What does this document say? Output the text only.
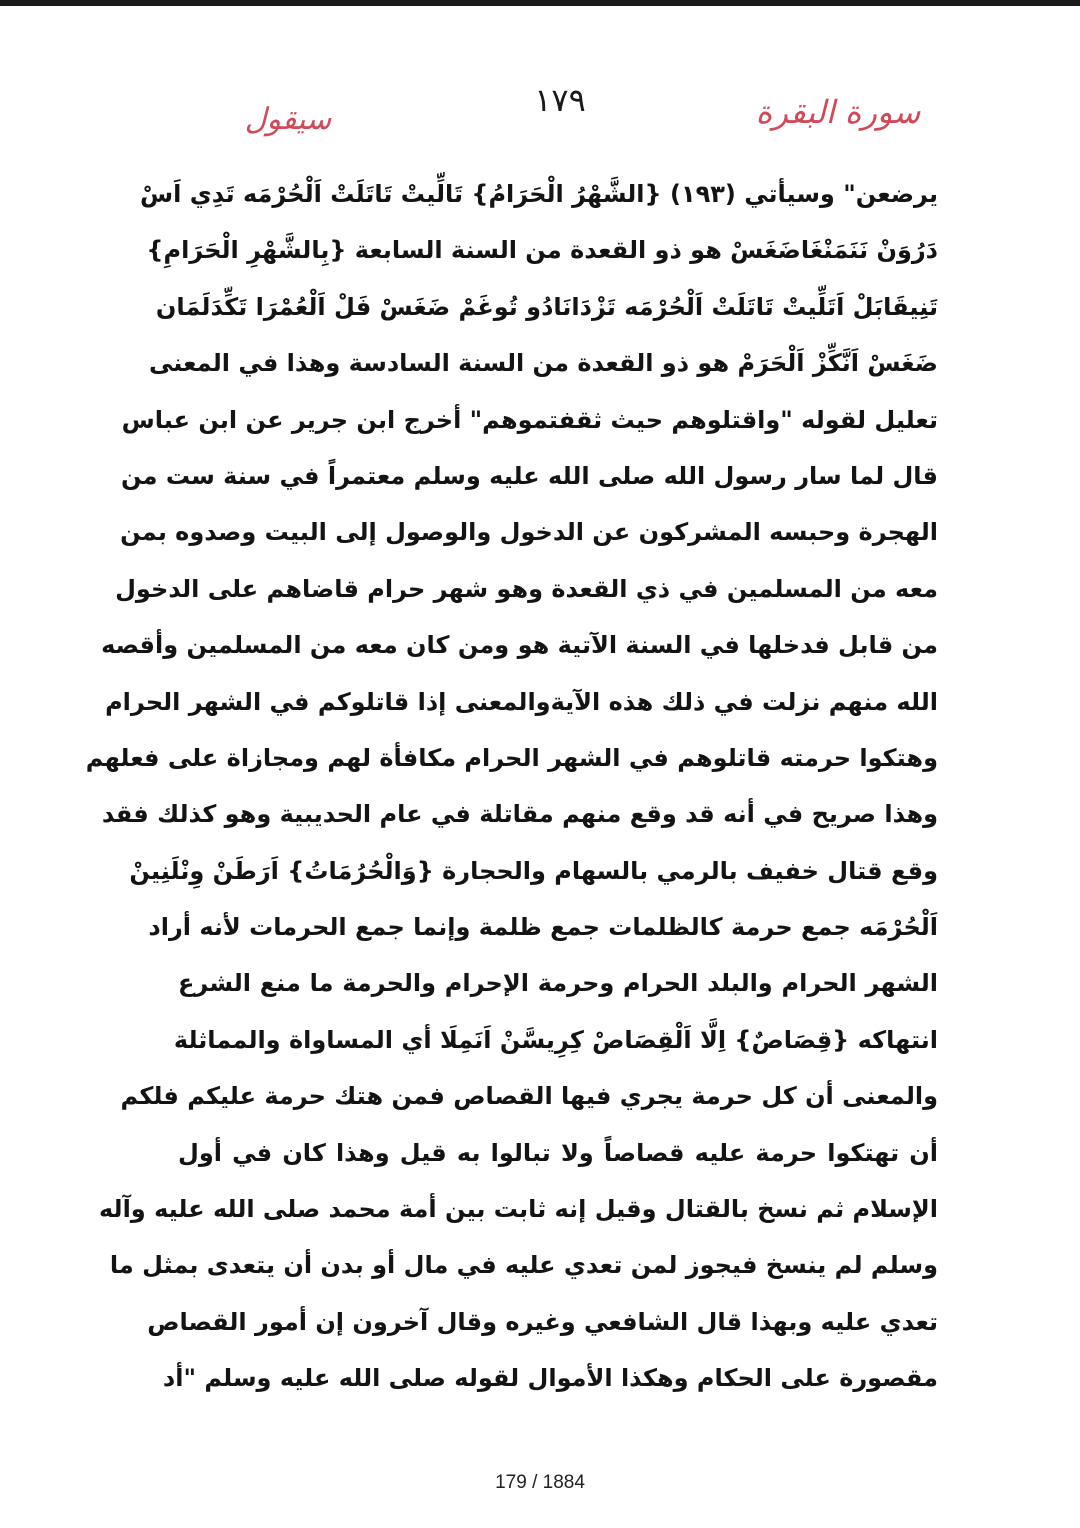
سيقول
١٧٩	سورة البقرة
يرضعن" وسيأتي (١٩٣) {الشَّهْرُ الْحَرَامُ} تَالِّيتْ تَاتَلَتْ اَلْحُرْمَه تَدِي اَسْ
دَرُوَنْ نَنَمَنْغَاضَغَسْ هو ذو القعدة من السنة السابعة {بِالشَّهْرِ الْحَرَامِ}
تَنِيقَابَلْ اَتَلِّيتْ تَاتَلَتْ اَلْحُرْمَه تَزْدَانَادُو تُوغَمْ ضَغَسْ فَلْ اَلْعُمْرَا تَكِّدَلَمَان
ضَغَسْ اَنَّكِّزْ اَلْحَرَمْ هو ذو القعدة من السنة السادسة وهذا في المعنى
تعليل لقوله "واقتلوهم حيث ثقفتموهم" أخرج ابن جرير عن ابن عباس
قال لما سار رسول الله صلى الله عليه وسلم معتمراً في سنة ست من
الهجرة وحبسه المشركون عن الدخول والوصول إلى البيت وصدوه بمن
معه من المسلمين في ذي القعدة وهو شهر حرام قاضاهم على الدخول
من قابل فدخلها في السنة الآتية هو ومن كان معه من المسلمين وأقصه
الله منهم نزلت في ذلك هذه الآيةوالمعنى إذا قاتلوكم في الشهر الحرام
وهتكوا حرمته قاتلوهم في الشهر الحرام مكافأة لهم ومجازاة على فعلهم
وهذا صريح في أنه قد وقع منهم مقاتلة في عام الحديبية وهو كذلك فقد
وقع قتال خفيف بالرمي بالسهام والحجارة {وَالْحُرُمَاتُ} اَرَطَنْ وِنْلَنِينْ
اَلْحُرْمَه جمع حرمة كالظلمات جمع ظلمة وإنما جمع الحرمات لأنه أراد
الشهر الحرام والبلد الحرام وحرمة الإحرام والحرمة ما منع الشرع
انتهاكه {قِصَاصٌ} اِلَّا اَلْقِصَاصْ كِرِيسَّنْ اَنَمِلَا أي المساواة والمماثلة
والمعنى أن كل حرمة يجري فيها القصاص فمن هتك حرمة عليكم فلكم
أن تهتكوا حرمة عليه قصاصاً ولا تبالوا به قيل وهذا كان في أول
الإسلام ثم نسخ بالقتال وقيل إنه ثابت بين أمة محمد صلى الله عليه وآله
وسلم لم ينسخ فيجوز لمن تعدي عليه في مال أو بدن أن يتعدى بمثل ما
تعدي عليه وبهذا قال الشافعي وغيره وقال آخرون إن أمور القصاص
مقصورة على الحكام وهكذا الأموال لقوله صلى الله عليه وسلم "أد
179 / 1884
